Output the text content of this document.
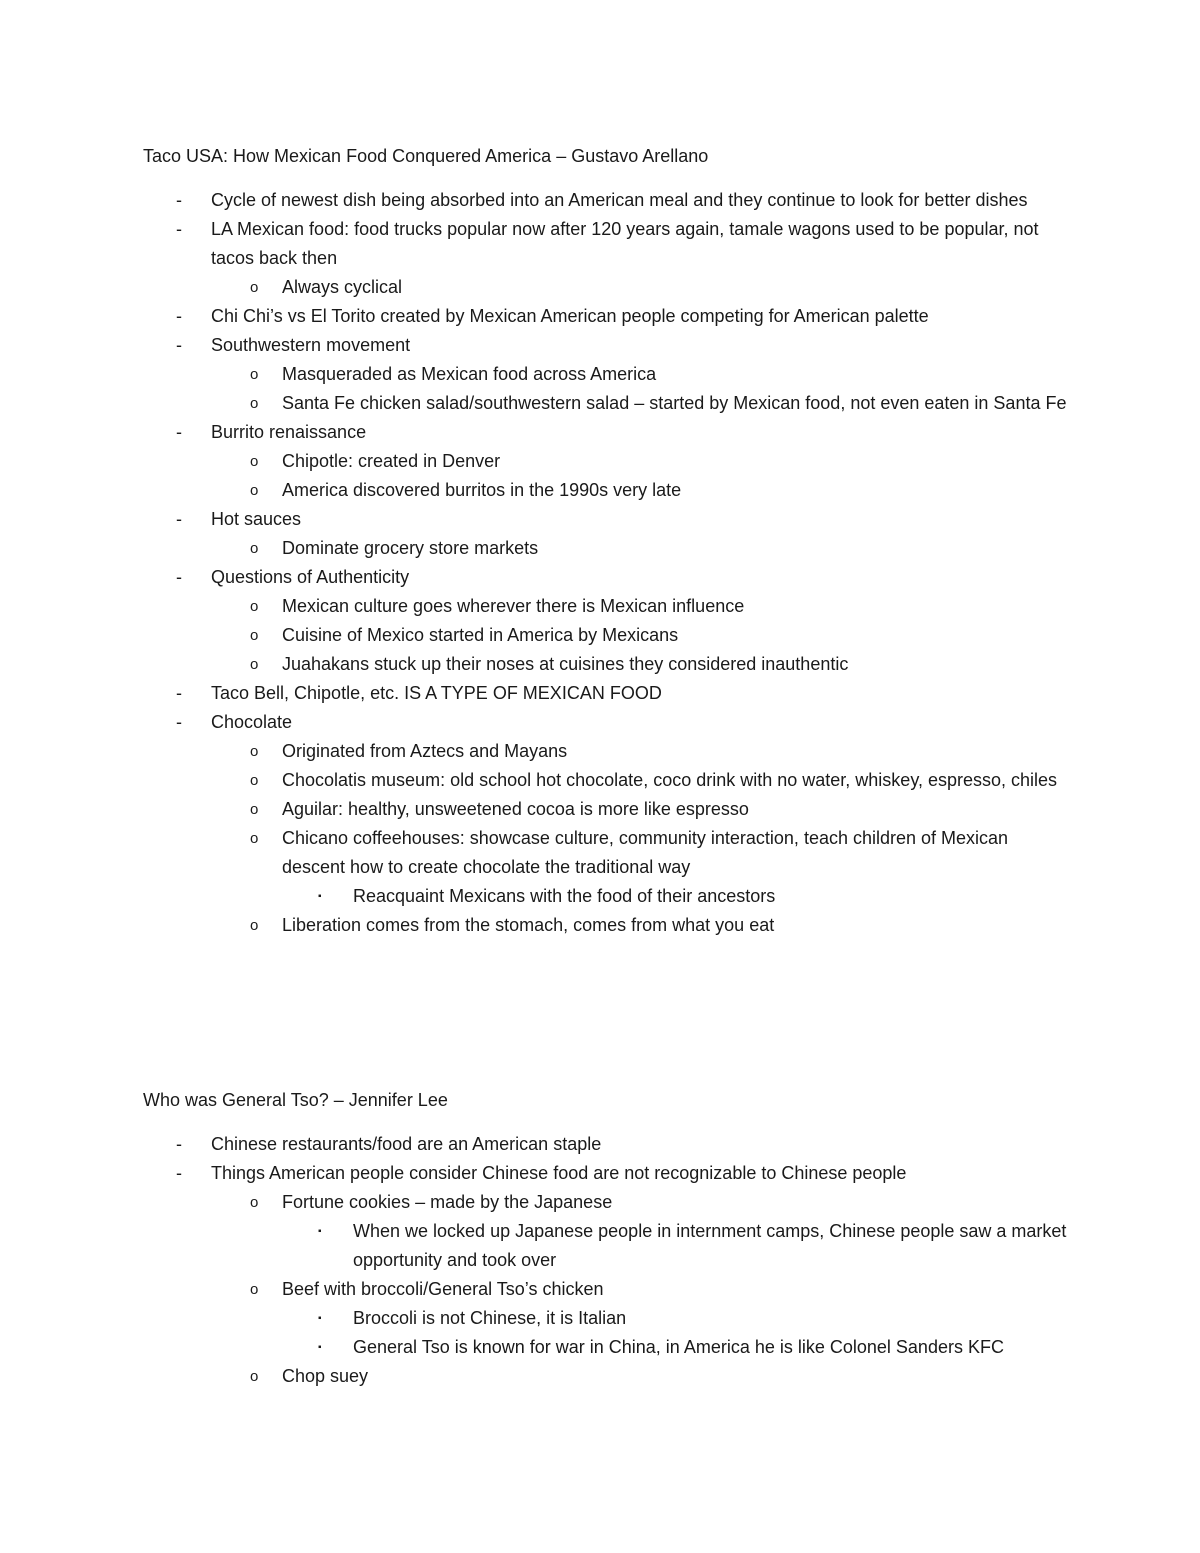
Taco USA: How Mexican Food Conquered America – Gustavo Arellano
- Cycle of newest dish being absorbed into an American meal and they continue to look for better dishes
- LA Mexican food: food trucks popular now after 120 years again, tamale wagons used to be popular, not tacos back then
o Always cyclical
- Chi Chi’s vs El Torito created by Mexican American people competing for American palette
- Southwestern movement
o Masqueraded as Mexican food across America
o Santa Fe chicken salad/southwestern salad – started by Mexican food, not even eaten in Santa Fe
- Burrito renaissance
o Chipotle: created in Denver
o America discovered burritos in the 1990s very late
- Hot sauces
o Dominate grocery store markets
- Questions of Authenticity
o Mexican culture goes wherever there is Mexican influence
o Cuisine of Mexico started in America by Mexicans
o Juahakans stuck up their noses at cuisines they considered inauthentic
- Taco Bell, Chipotle, etc. IS A TYPE OF MEXICAN FOOD
- Chocolate
o Originated from Aztecs and Mayans
o Chocolatis museum: old school hot chocolate, coco drink with no water, whiskey, espresso, chiles
o Aguilar: healthy, unsweetened cocoa is more like espresso
o Chicano coffeehouses: showcase culture, community interaction, teach children of Mexican descent how to create chocolate the traditional way
▪ Reacquaint Mexicans with the food of their ancestors
o Liberation comes from the stomach, comes from what you eat
Who was General Tso? – Jennifer Lee
- Chinese restaurants/food are an American staple
- Things American people consider Chinese food are not recognizable to Chinese people
o Fortune cookies – made by the Japanese
▪ When we locked up Japanese people in internment camps, Chinese people saw a market opportunity and took over
o Beef with broccoli/General Tso’s chicken
▪ Broccoli is not Chinese, it is Italian
▪ General Tso is known for war in China, in America he is like Colonel Sanders KFC
o Chop suey
